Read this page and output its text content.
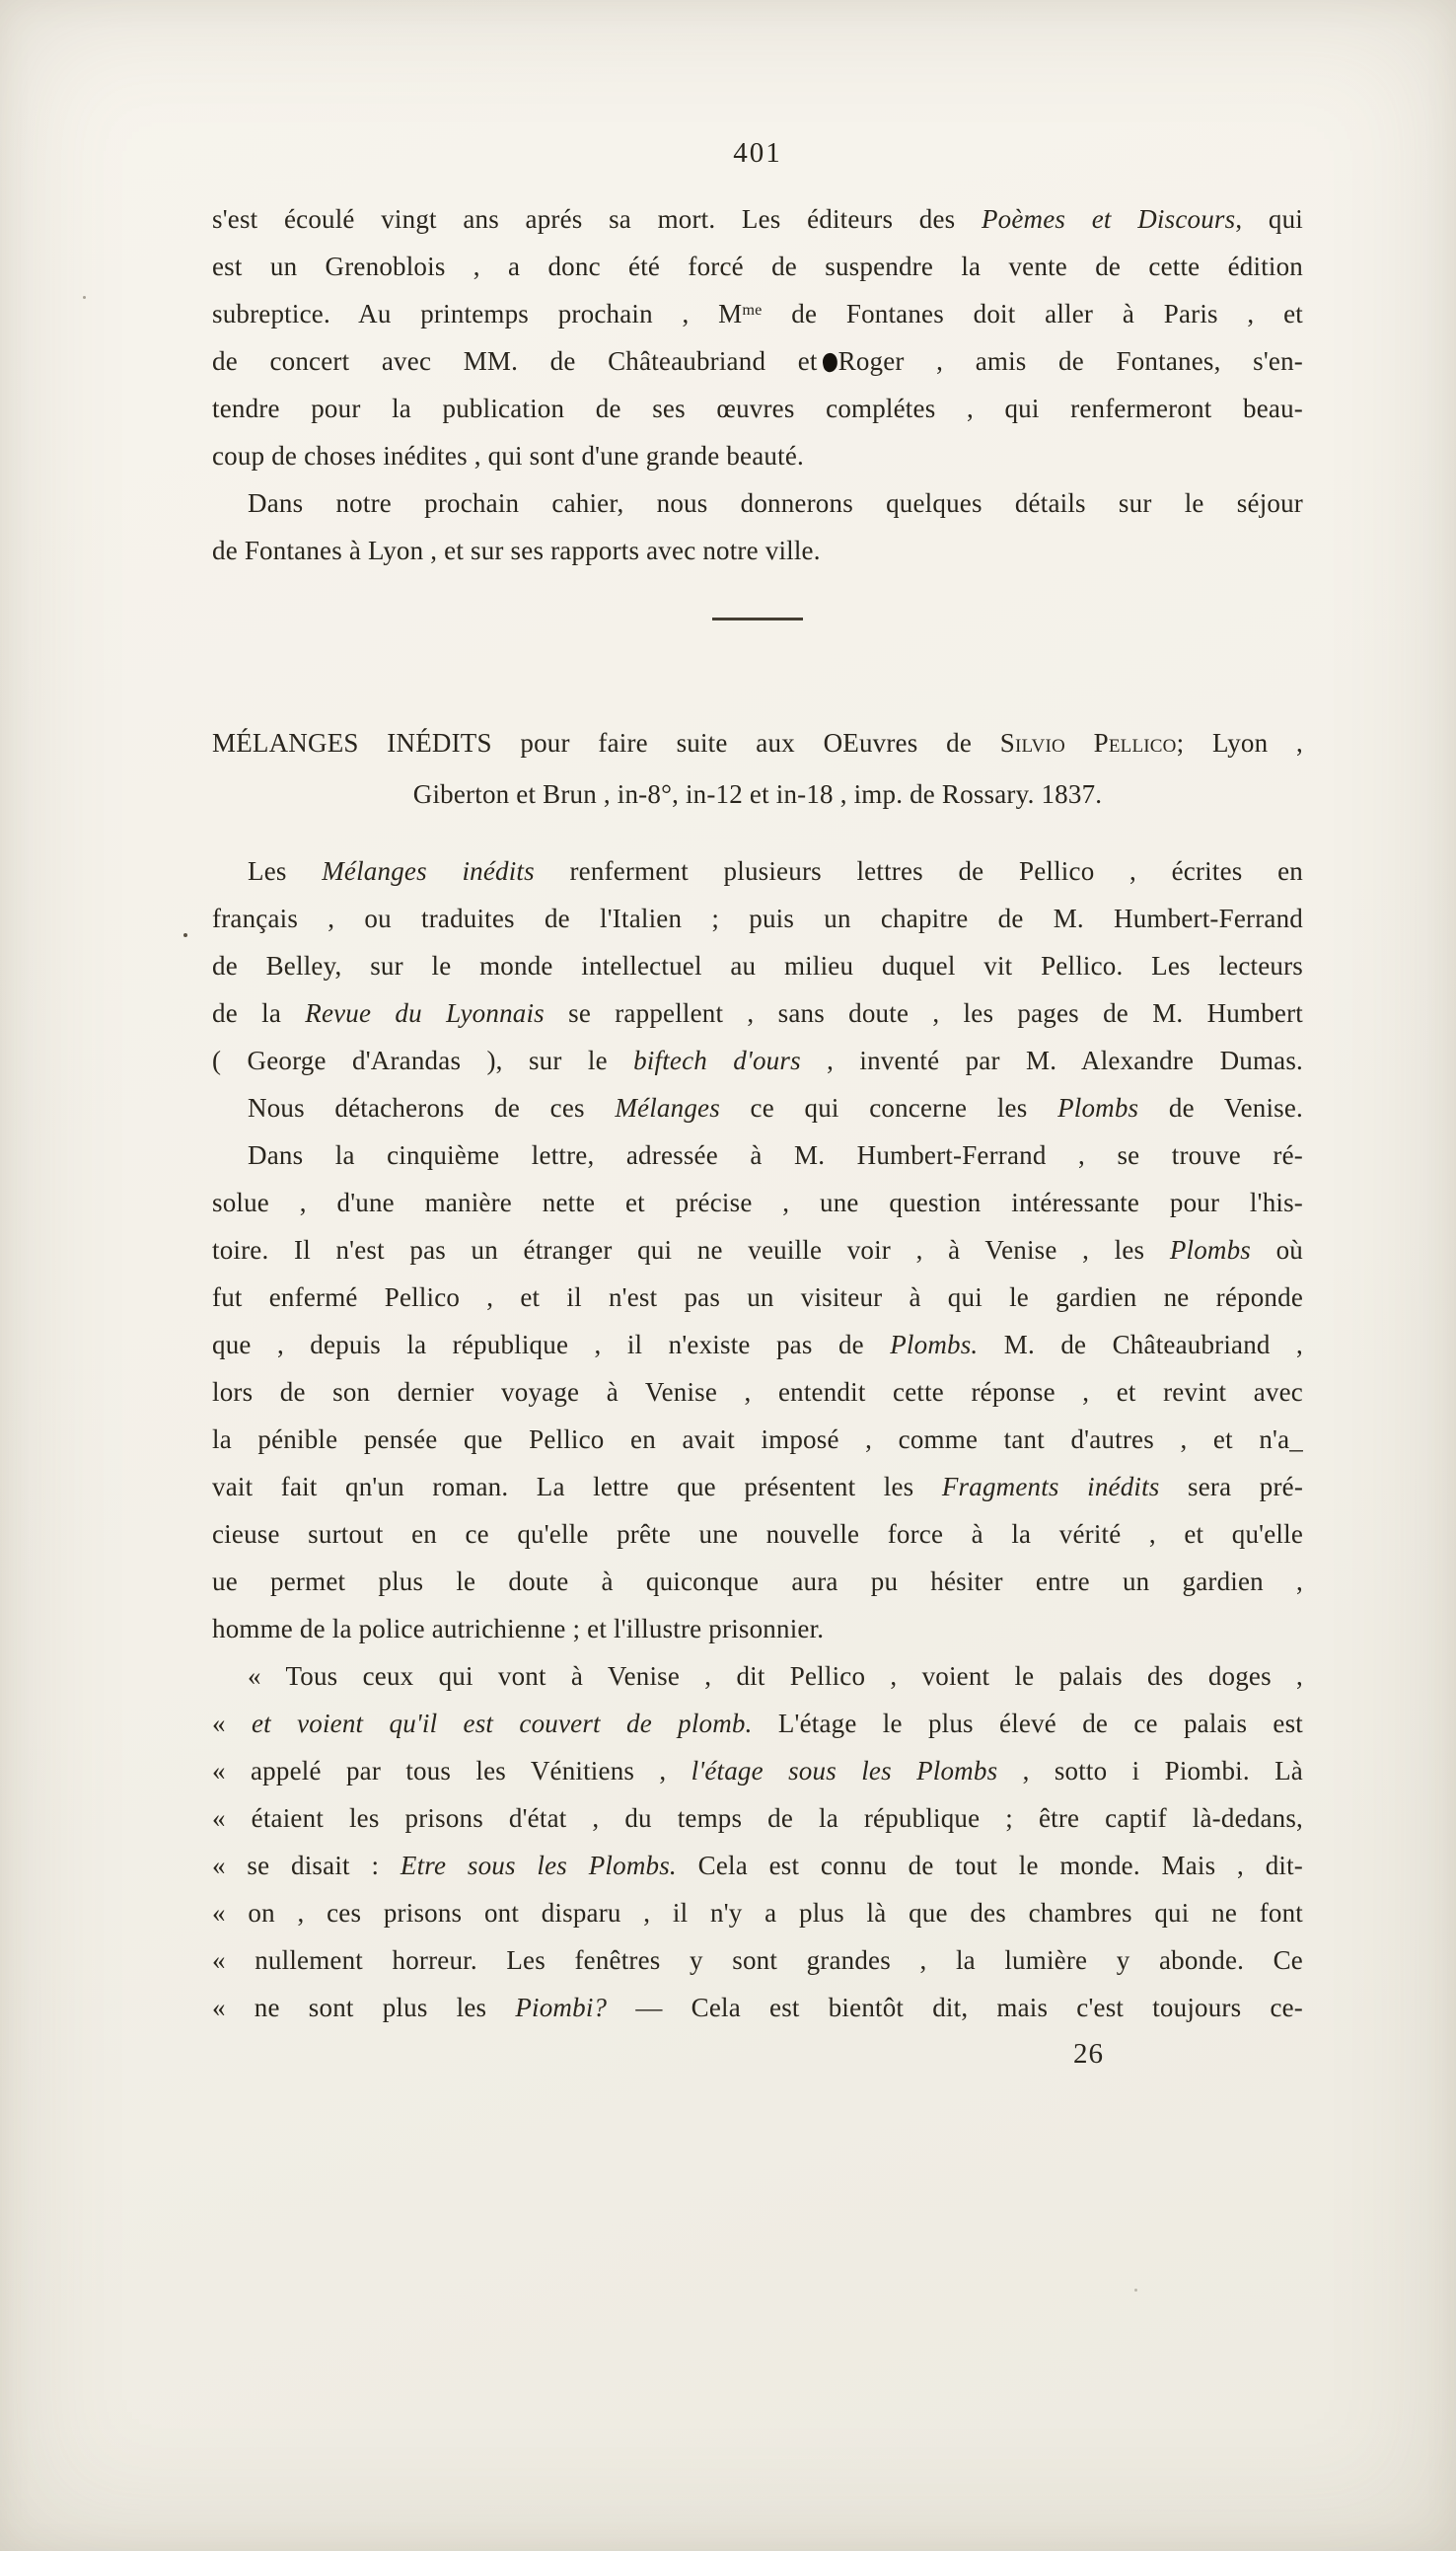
401
s'est écoulé vingt ans aprés sa mort. Les éditeurs des Poèmes et Discours, qui
est un Grenoblois , a donc été forcé de suspendre la vente de cette édition
subreptice. Au printemps prochain , $M^{me}$ de Fontanes doit aller à Paris , et
de concert avec MM. de Châteaubriand et Roger , amis de Fontanes, s'en-
tendre pour la publication de ses œuvres complétes , qui renfermeront beau-
coup de choses inédites , qui sont d'une grande beauté.
Dans notre prochain cahier, nous donnerons quelques détails sur le séjour
de Fontanes à Lyon , et sur ses rapports avec notre ville.
MÉLANGES INÉDITS pour faire suite aux OEuvres de Silvio Pellico; Lyon ,
Giberton et Brun , in-8°, in-12 et in-18 , imp. de Rossary. 1837.
Les Mélanges inédits renferment plusieurs lettres de Pellico , écrites en
français , ou traduites de l'Italien ; puis un chapitre de M. Humbert-Ferrand
de Belley, sur le monde intellectuel au milieu duquel vit Pellico. Les lecteurs
de la Revue du Lyonnais se rappellent , sans doute , les pages de M. Humbert
( George d'Arandas ), sur le biftech d'ours , inventé par M. Alexandre Dumas.
Nous détacherons de ces Mélanges ce qui concerne les Plombs de Venise.
Dans la cinquième lettre, adressée à M. Humbert-Ferrand , se trouve ré-
solue , d'une manière nette et précise , une question intéressante pour l'his-
toire. Il n'est pas un étranger qui ne veuille voir , à Venise , les Plombs où
fut enfermé Pellico , et il n'est pas un visiteur à qui le gardien ne réponde
que , depuis la république , il n'existe pas de Plombs. M. de Châteaubriand ,
lors de son dernier voyage à Venise , entendit cette réponse , et revint avec
la pénible pensée que Pellico en avait imposé , comme tant d'autres , et n'a_
vait fait qn'un roman. La lettre que présentent les Fragments inédits sera pré-
cieuse surtout en ce qu'elle prête une nouvelle force à la vérité , et qu'elle
ue permet plus le doute à quiconque aura pu hésiter entre un gardien ,
homme de la police autrichienne ; et l'illustre prisonnier.
« Tous ceux qui vont à Venise , dit Pellico , voient le palais des doges ,
« et voient qu'il est couvert de plomb. L'étage le plus élevé de ce palais est
« appelé par tous les Vénitiens , l'étage sous les Plombs , sotto i Piombi. Là
« étaient les prisons d'état , du temps de la république ; être captif là-dedans,
« se disait : Etre sous les Plombs. Cela est connu de tout le monde. Mais , dit-
« on , ces prisons ont disparu , il n'y a plus là que des chambres qui ne font
« nullement horreur. Les fenêtres y sont grandes , la lumière y abonde. Ce
« ne sont plus les Piombi? — Cela est bientôt dit, mais c'est toujours ce-
26
